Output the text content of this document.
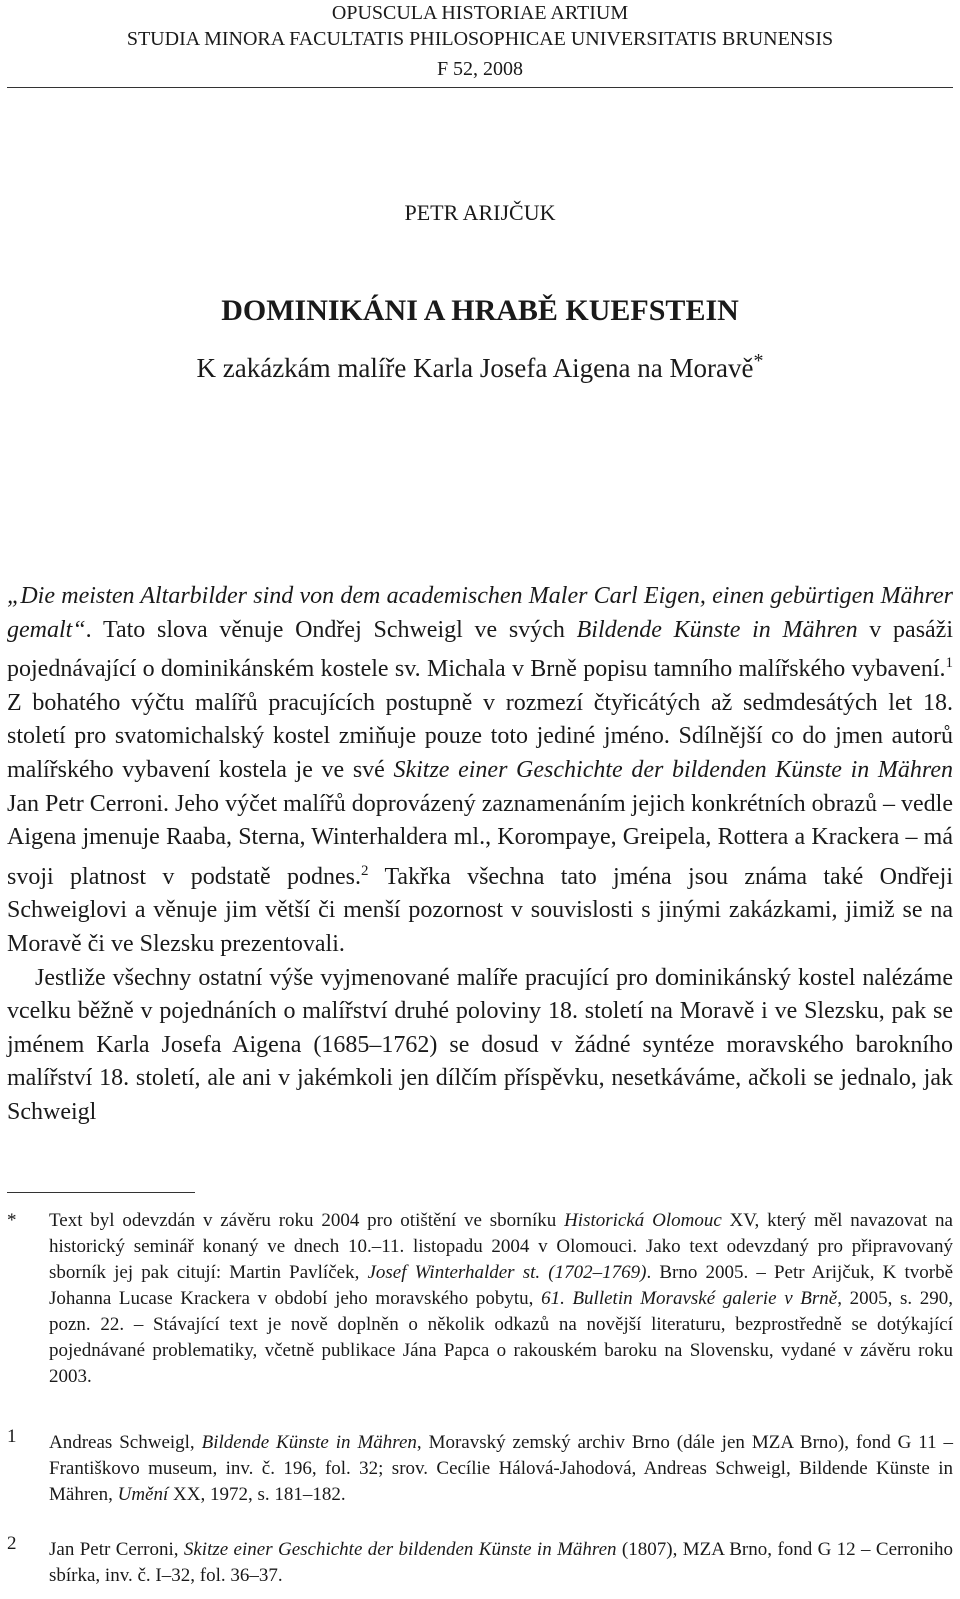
OPUSCULA HISTORIAE ARTIUM
STUDIA MINORA FACULTATIS PHILOSOPHICAE UNIVERSITATIS BRUNENSIS
F 52, 2008
PETR ARIJČUK
DOMINIKÁNI A HRABĚ KUEFSTEIN
K zakázkám malíře Karla Josefa Aigena na Moravě*

„Die meisten Altarbilder sind von dem academischen Maler Carl Eigen, einen gebürtigen Mährer gemalt“. Tato slova věnuje Ondřej Schweigl ve svých Bildende Künste in Mähren v pasáži pojednávající o dominikánském kostele sv. Michala v Brně popisu tamního malířského vybavení.$^1$ Z bohatého výčtu malířů pracujících postupně v rozmezí čtyřicátých až sedmdesátých let 18. století pro svatomichalský kostel zmiňuje pouze toto jediné jméno. Sdílnější co do jmen autorů malířského vybavení kostela je ve své Skitze einer Geschichte der bildenden Künste in Mähren Jan Petr Cerroni. Jeho výčet malířů doprovázený zaznamenáním jejich konkrétních obrazů – vedle Aigena jmenuje Raaba, Sterna, Winterhaldera ml., Korompaye, Greipela, Rottera a Krackera – má svoji platnost v podstatě podnes.$^2$ Takřka všechna tato jména jsou známa také Ondřeji Schweiglovi a věnuje jim větší či menší pozornost v souvislosti s jinými zakázkami, jimiž se na Moravě či ve Slezsku prezentovali.

Jestliže všechny ostatní výše vyjmenované malíře pracující pro dominikánský kostel nalézáme vcelku běžně v pojednáních o malířství druhé poloviny 18. století na Moravě i ve Slezsku, pak se jménem Karla Josefa Aigena (1685–1762) se dosud v žádné syntéze moravského barokního malířství 18. století, ale ani v jakémkoli jen dílčím příspěvku, nesetkáváme, ačkoli se jednalo, jak Schweigl

* Text byl odevzdán v závěru roku 2004 pro otištění ve sborníku Historická Olomouc XV, který měl navazovat na historický seminář konaný ve dnech 10.–11. listopadu 2004 v Olomouci. Jako text odevzdaný pro připravovaný sborník jej pak citují: Martin Pavlíček, Josef Winterhalder st. (1702–1769). Brno 2005. – Petr Arijčuk, K tvorbě Johanna Lucase Krackera v období jeho moravského pobytu, 61. Bulletin Moravské galerie v Brně, 2005, s. 290, pozn. 22. – Stávající text je nově doplněn o několik odkazů na novější literaturu, bezprostředně se dotýkající pojednávané problematiky, včetně publikace Jána Papca o rakouském baroku na Slovensku, vydané v závěru roku 2003.
1 Andreas Schweigl, Bildende Künste in Mähren, Moravský zemský archiv Brno (dále jen MZA Brno), fond G 11 – Františkovo museum, inv. č. 196, fol. 32; srov. Cecílie Hálová-Jahodová, Andreas Schweigl, Bildende Künste in Mähren, Umění XX, 1972, s. 181–182.
2 Jan Petr Cerroni, Skitze einer Geschichte der bildenden Künste in Mähren (1807), MZA Brno, fond G 12 – Cerroniho sbírka, inv. č. I–32, fol. 36–37.
